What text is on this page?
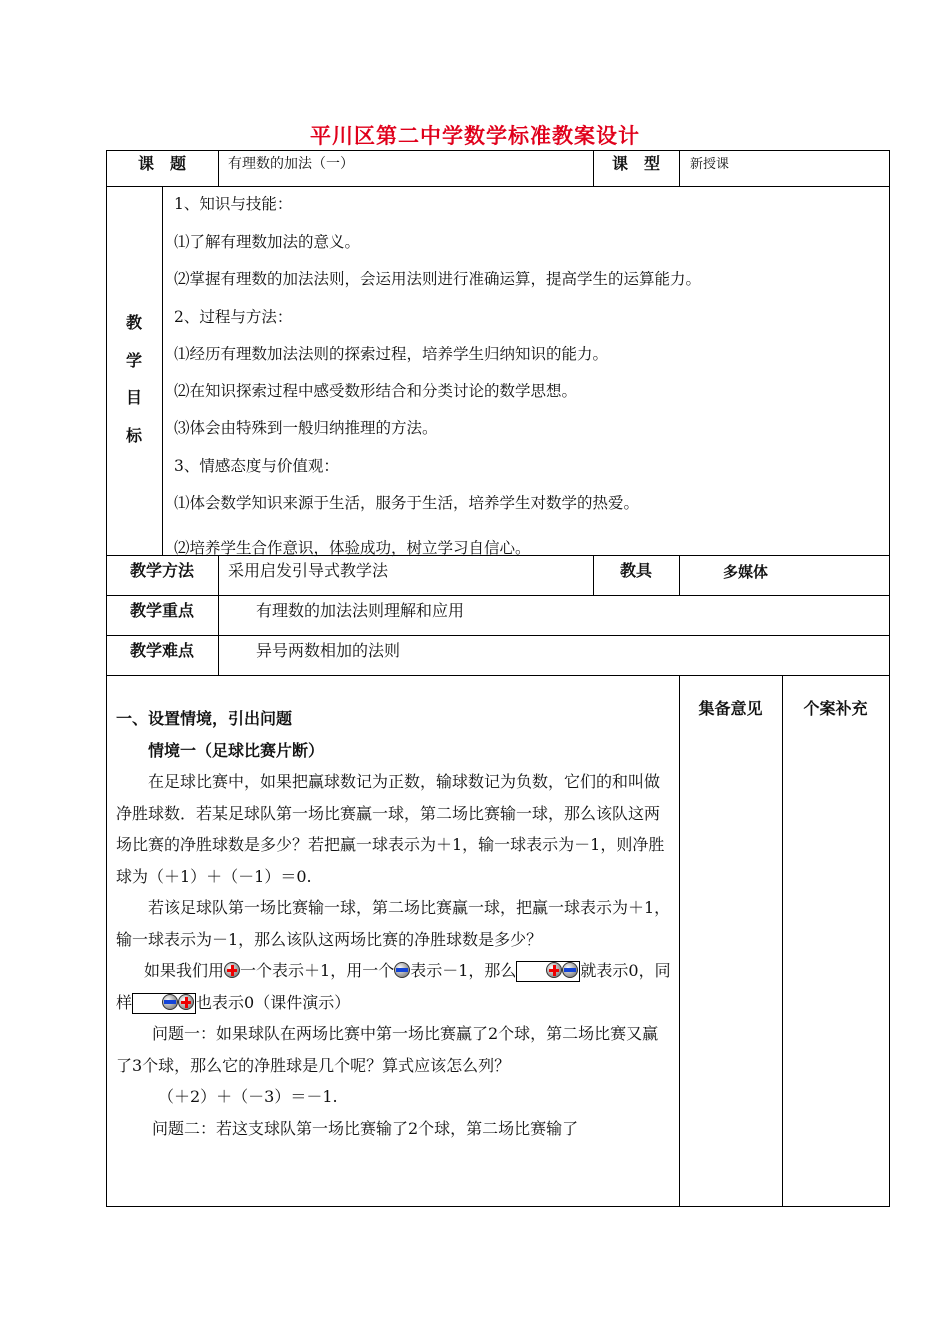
平川区第二中学数学标准教案设计
课　题	有理数的加法（一）	课　型	新授课
教
学
目
标
1、知识与技能：
⑴了解有理数加法的意义。
⑵掌握有理数的加法法则，会运用法则进行准确运算，提高学生的运算能力。
2、过程与方法：
⑴经历有理数加法法则的探索过程，培养学生归纳知识的能力。
⑵在知识探索过程中感受数形结合和分类讨论的数学思想。
⑶体会由特殊到一般归纳推理的方法。
3、情感态度与价值观：
⑴体会数学知识来源于生活，服务于生活，培养学生对数学的热爱。
⑵培养学生合作意识，体验成功，树立学习自信心。
教学方法	采用启发引导式教学法	教具	多媒体
教学重点	有理数的加法法则理解和应用
教学难点	异号两数相加的法则
集备意见	个案补充

一、设置情境，引出问题

情境一（足球比赛片断）

在足球比赛中，如果把赢球数记为正数，输球数记为负数，它们的和叫做净胜球数．若某足球队第一场比赛赢一球，第二场比赛输一球，那么该队这两场比赛的净胜球数是多少？若把赢一球表示为＋1，输一球表示为－1，则净胜球为（＋1）＋（－1）＝0.

若该足球队第一场比赛输一球，第二场比赛赢一球，把赢一球表示为＋1，输一球表示为－1，那么该队这两场比赛的净胜球数是多少？

如果我们用 一个表示＋1，用一个 表示－1，那么	就表示0，同样	也表示0（课件演示）

问题一：如果球队在两场比赛中第一场比赛赢了2个球，第二场比赛又赢了3个球，那么它的净胜球是几个呢？算式应该怎么列？

（＋2）＋（－3）＝－1.

问题二：若这支球队第一场比赛输了2个球，第二场比赛输了
